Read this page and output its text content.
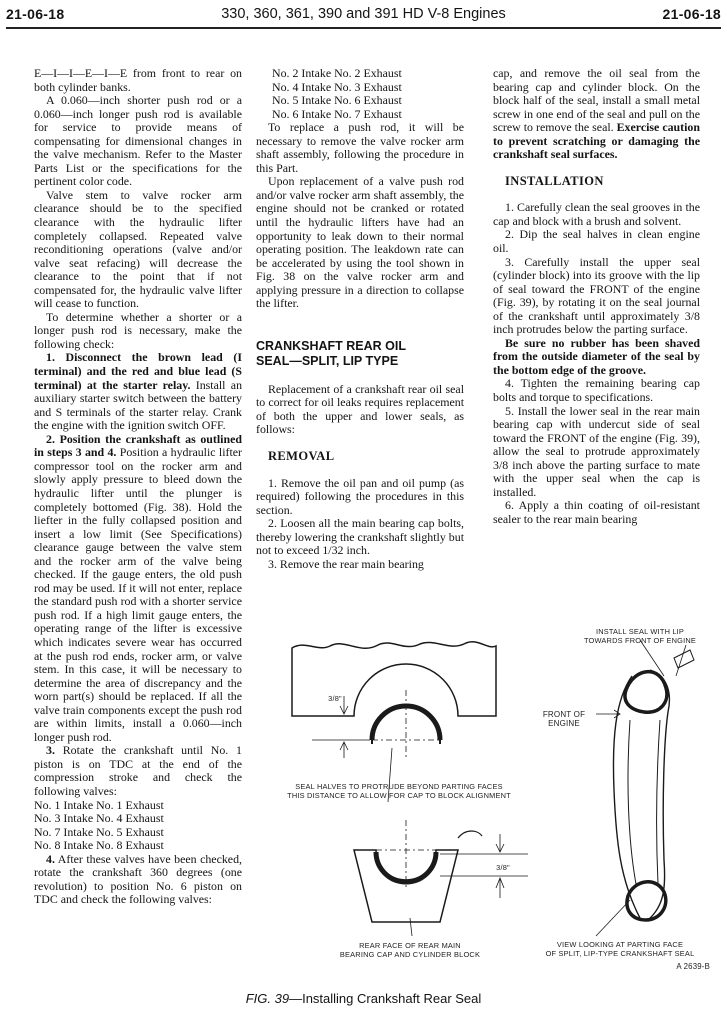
21-06-18	330, 360, 361, 390 and 391 HD V-8 Engines	21-06-18

E—I—I—E—I—E from front to rear on both cylinder banks.

A 0.060—inch shorter push rod or a 0.060—inch longer push rod is available for service to provide means of compensating for dimensional changes in the valve mechanism. Refer to the Master Parts List or the specifications for the pertinent color code.

Valve stem to valve rocker arm clearance should be to the specified clearance with the hydraulic lifter completely collapsed. Repeated valve reconditioning operations (valve and/or valve seat refacing) will decrease the clearance to the point that if not compensated for, the hydraulic valve lifter will cease to function.

To determine whether a shorter or a longer push rod is necessary, make the following check:

1. Disconnect the brown lead (I terminal) and the red and blue lead (S terminal) at the starter relay. Install an auxiliary starter switch between the battery and S terminals of the starter relay. Crank the engine with the ignition switch OFF.

2. Position the crankshaft as outlined in steps 3 and 4. Position a hydraulic lifter compressor tool on the rocker arm and slowly apply pressure to bleed down the hydraulic lifter until the plunger is completely bottomed (Fig. 38). Hold the liefter in the fully collapsed position and insert a low limit (See Specifications) clearance gauge between the valve stem and the rocker arm of the valve being checked. If the gauge enters, the old push rod may be used. If it will not enter, replace the standard push rod with a shorter service push rod. If a high limit gauge enters, the operating range of the lifter is excessive which indicates severe wear has occurred at the push rod ends, rocker arm, or valve stem. In this case, it will be necessary to determine the area of discrepancy and the worn part(s) should be replaced. If all the valve train components except the push rod are within limits, install a 0.060—inch longer push rod.

3. Rotate the crankshaft until No. 1 piston is on TDC at the end of the compression stroke and check the following valves:

No. 1 Intake No. 1 Exhaust

No. 3 Intake No. 4 Exhaust

No. 7 Intake No. 5 Exhaust

No. 8 Intake No. 8 Exhaust

4. After these valves have been checked, rotate the crankshaft 360 degrees (one revolution) to position No. 6 piston on TDC and check the following valves:

No. 2 Intake No. 2 Exhaust

No. 4 Intake No. 3 Exhaust

No. 5 Intake No. 6 Exhaust

No. 6 Intake No. 7 Exhaust

To replace a push rod, it will be necessary to remove the valve rocker arm shaft assembly, following the procedure in this Part.

Upon replacement of a valve push rod and/or valve rocker arm shaft assembly, the engine should not be cranked or rotated until the hydraulic lifters have had an opportunity to leak down to their normal operating position. The leakdown rate can be accelerated by using the tool shown in Fig. 38 on the valve rocker arm and applying pressure in a direction to collapse the lifter.

CRANKSHAFT REAR OIL

SEAL—SPLIT, LIP TYPE

Replacement of a crankshaft rear oil seal to correct for oil leaks requires replacement of both the upper and lower seals, as follows:

REMOVAL

1. Remove the oil pan and oil pump (as required) following the procedures in this section.

2. Loosen all the main bearing cap bolts, thereby lowering the crankshaft slightly but not to exceed 1/32 inch.

3. Remove the rear main bearing

cap, and remove the oil seal from the bearing cap and cylinder block. On the block half of the seal, install a small metal screw in one end of the seal and pull on the screw to remove the seal. Exercise caution to prevent scratching or damaging the crankshaft seal surfaces.

INSTALLATION

1. Carefully clean the seal grooves in the cap and block with a brush and solvent.

2. Dip the seal halves in clean engine oil.

3. Carefully install the upper seal (cylinder block) into its groove with the lip of seal toward the FRONT of the engine (Fig. 39), by rotating it on the seal journal of the crankshaft until approximately 3/8 inch protrudes below the parting surface.

Be sure no rubber has been shaved from the outside diameter of the seal by the bottom edge of the groove.

4. Tighten the remaining bearing cap bolts and torque to specifications.

5. Install the lower seal in the rear main bearing cap with undercut side of seal toward the FRONT of the engine (Fig. 39), allow the seal to protrude approximately 3/8 inch above the parting surface to mate with the upper seal when the cap is installed.

6. Apply a thin coating of oil-resistant sealer to the rear main bearing

3/8"
3/8"
INSTALL SEAL WITH LIP
TOWARDS FRONT OF ENGINE
FRONT OF ENGINE
SEAL HALVES TO PROTRUDE BEYOND PARTING FACES
THIS DISTANCE TO ALLOW FOR CAP TO BLOCK ALIGNMENT
REAR FACE OF REAR MAIN
BEARING CAP AND CYLINDER BLOCK
VIEW LOOKING AT PARTING FACE
OF SPLIT, LIP-TYPE CRANKSHAFT SEAL
A 2639-B
FIG. 39—Installing Crankshaft Rear Seal
